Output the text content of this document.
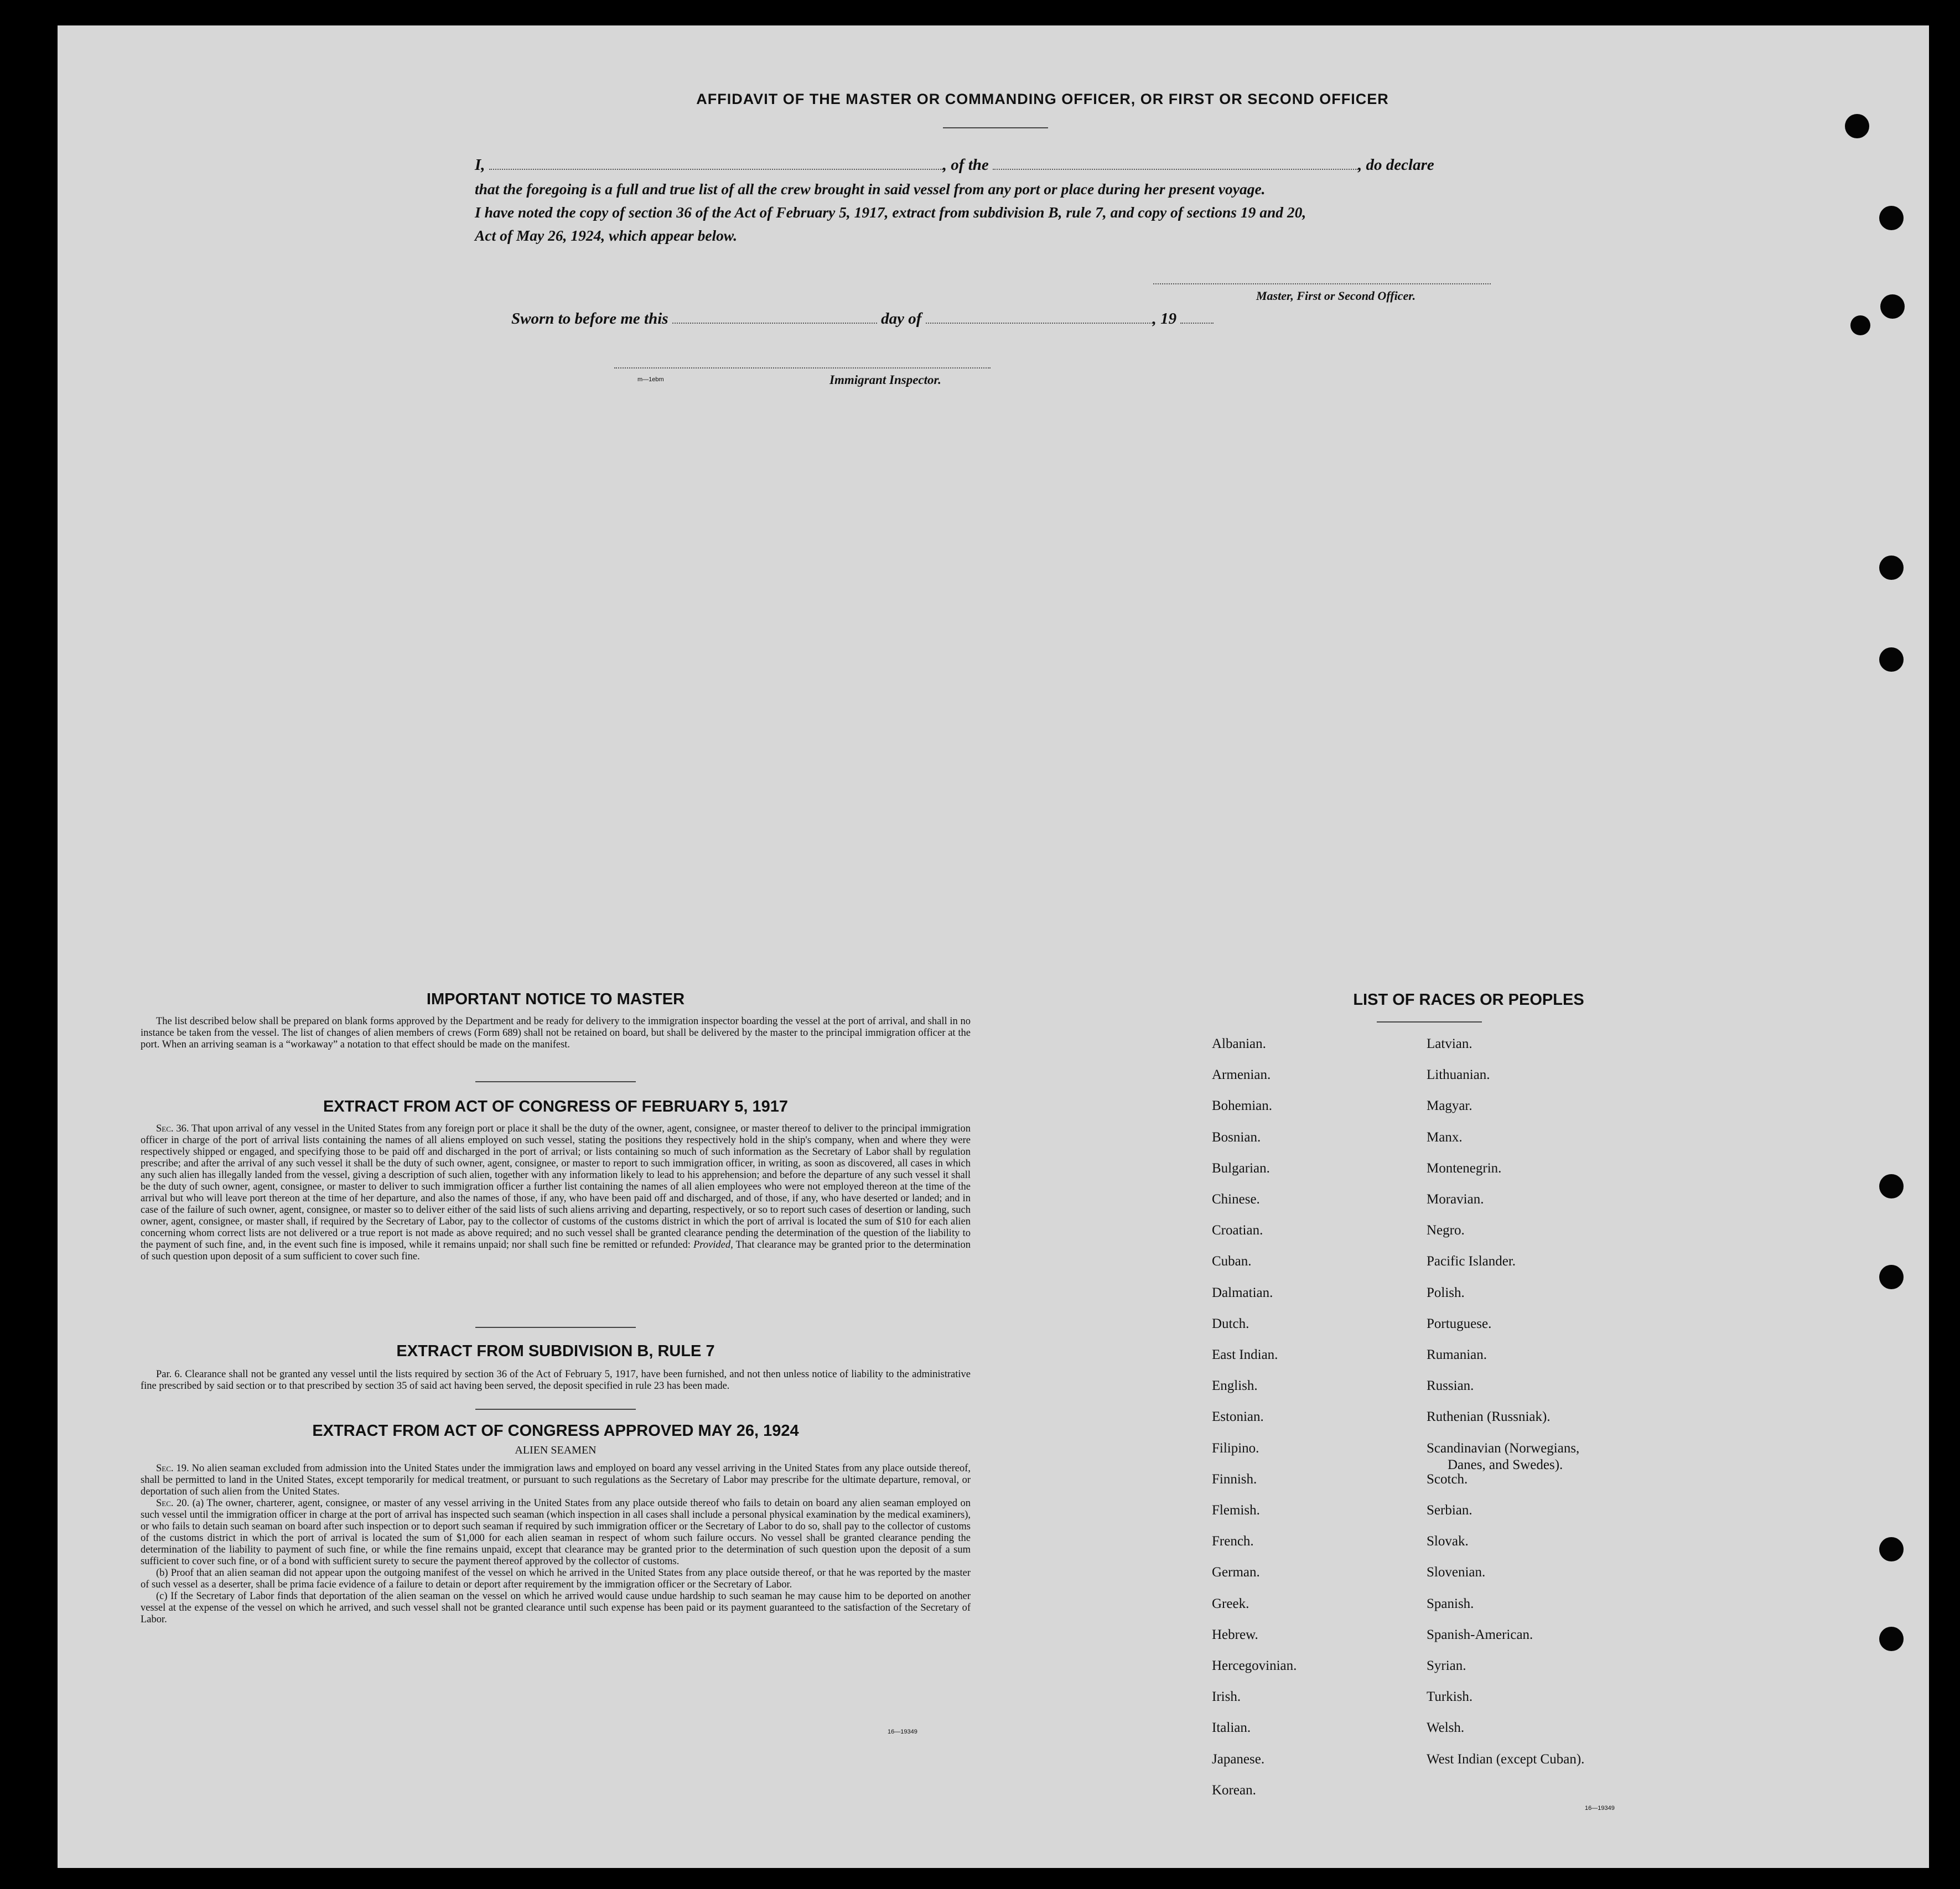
AFFIDAVIT OF THE MASTER OR COMMANDING OFFICER, OR FIRST OR SECOND OFFICER
I,	, of the	, do declare
that the foregoing is a full and true list of all the crew brought in said vessel from any port or place during her present voyage.
I have noted the copy of section 36 of the Act of February 5, 1917, extract from subdivision B, rule 7, and copy of sections 19 and 20,
Act of May 26, 1924, which appear below.
Master, First or Second Officer.
Sworn to before me this	day of	, 19
m—1ebm	Immigrant Inspector.
IMPORTANT NOTICE TO MASTER

The list described below shall be prepared on blank forms approved by the Department and be ready for delivery to the immigration inspector boarding the vessel at the port of arrival, and shall in no instance be taken from the vessel. The list of changes of alien members of crews (Form 689) shall not be retained on board, but shall be delivered by the master to the principal immigration officer at the port. When an arriving seaman is a “workaway” a notation to that effect should be made on the manifest.

EXTRACT FROM ACT OF CONGRESS OF FEBRUARY 5, 1917

Sec. 36. That upon arrival of any vessel in the United States from any foreign port or place it shall be the duty of the owner, agent, consignee, or master thereof to deliver to the principal immigration officer in charge of the port of arrival lists containing the names of all aliens employed on such vessel, stating the positions they respectively hold in the ship's company, when and where they were respectively shipped or engaged, and specifying those to be paid off and discharged in the port of arrival; or lists containing so much of such information as the Secretary of Labor shall by regulation prescribe; and after the arrival of any such vessel it shall be the duty of such owner, agent, consignee, or master to report to such immigration officer, in writing, as soon as discovered, all cases in which any such alien has illegally landed from the vessel, giving a description of such alien, together with any information likely to lead to his apprehension; and before the departure of any such vessel it shall be the duty of such owner, agent, consignee, or master to deliver to such immigration officer a further list containing the names of all alien employees who were not employed thereon at the time of the arrival but who will leave port thereon at the time of her departure, and also the names of those, if any, who have been paid off and discharged, and of those, if any, who have deserted or landed; and in case of the failure of such owner, agent, consignee, or master so to deliver either of the said lists of such aliens arriving and departing, respectively, or so to report such cases of desertion or landing, such owner, agent, consignee, or master shall, if required by the Secretary of Labor, pay to the collector of customs of the customs district in which the port of arrival is located the sum of $10 for each alien concerning whom correct lists are not delivered or a true report is not made as above required; and no such vessel shall be granted clearance pending the determination of the question of the liability to the payment of such fine, and, in the event such fine is imposed, while it remains unpaid; nor shall such fine be remitted or refunded: Provided, That clearance may be granted prior to the determination of such question upon deposit of a sum sufficient to cover such fine.

EXTRACT FROM SUBDIVISION B, RULE 7

Par. 6. Clearance shall not be granted any vessel until the lists required by section 36 of the Act of February 5, 1917, have been furnished, and not then unless notice of liability to the administrative fine prescribed by said section or to that prescribed by section 35 of said act having been served, the deposit specified in rule 23 has been made.

EXTRACT FROM ACT OF CONGRESS APPROVED MAY 26, 1924
ALIEN SEAMEN

Sec. 19. No alien seaman excluded from admission into the United States under the immigration laws and employed on board any vessel arriving in the United States from any place outside thereof, shall be permitted to land in the United States, except temporarily for medical treatment, or pursuant to such regulations as the Secretary of Labor may prescribe for the ultimate departure, removal, or deportation of such alien from the United States.

Sec. 20. (a) The owner, charterer, agent, consignee, or master of any vessel arriving in the United States from any place outside thereof who fails to detain on board any alien seaman employed on such vessel until the immigration officer in charge at the port of arrival has inspected such seaman (which inspection in all cases shall include a personal physical examination by the medical examiners), or who fails to detain such seaman on board after such inspection or to deport such seaman if required by such immigration officer or the Secretary of Labor to do so, shall pay to the collector of customs of the customs district in which the port of arrival is located the sum of $1,000 for each alien seaman in respect of whom such failure occurs. No vessel shall be granted clearance pending the determination of the liability to payment of such fine, or while the fine remains unpaid, except that clearance may be granted prior to the determination of such question upon the deposit of a sum sufficient to cover such fine, or of a bond with sufficient surety to secure the payment thereof approved by the collector of customs.

(b) Proof that an alien seaman did not appear upon the outgoing manifest of the vessel on which he arrived in the United States from any place outside thereof, or that he was reported by the master of such vessel as a deserter, shall be prima facie evidence of a failure to detain or deport after requirement by the immigration officer or the Secretary of Labor.

(c) If the Secretary of Labor finds that deportation of the alien seaman on the vessel on which he arrived would cause undue hardship to such seaman he may cause him to be deported on another vessel at the expense of the vessel on which he arrived, and such vessel shall not be granted clearance until such expense has been paid or its payment guaranteed to the satisfaction of the Secretary of Labor.

16—19349
LIST OF RACES OR PEOPLES
16—19349
Albanian.
Armenian.
Bohemian.
Bosnian.
Bulgarian.
Chinese.
Croatian.
Cuban.
Dalmatian.
Dutch.
East Indian.
English.
Estonian.
Filipino.
Finnish.
Flemish.
French.
German.
Greek.
Hebrew.
Hercegovinian.
Irish.
Italian.
Japanese.
Korean.
Latvian.
Lithuanian.
Magyar.
Manx.
Montenegrin.
Moravian.
Negro.
Pacific Islander.
Polish.
Portuguese.
Rumanian.
Russian.
Ruthenian (Russniak).
Scandinavian (Norwegians,
Danes, and Swedes).
Scotch.
Serbian.
Slovak.
Slovenian.
Spanish.
Spanish-American.
Syrian.
Turkish.
Welsh.
West Indian (except Cuban).
